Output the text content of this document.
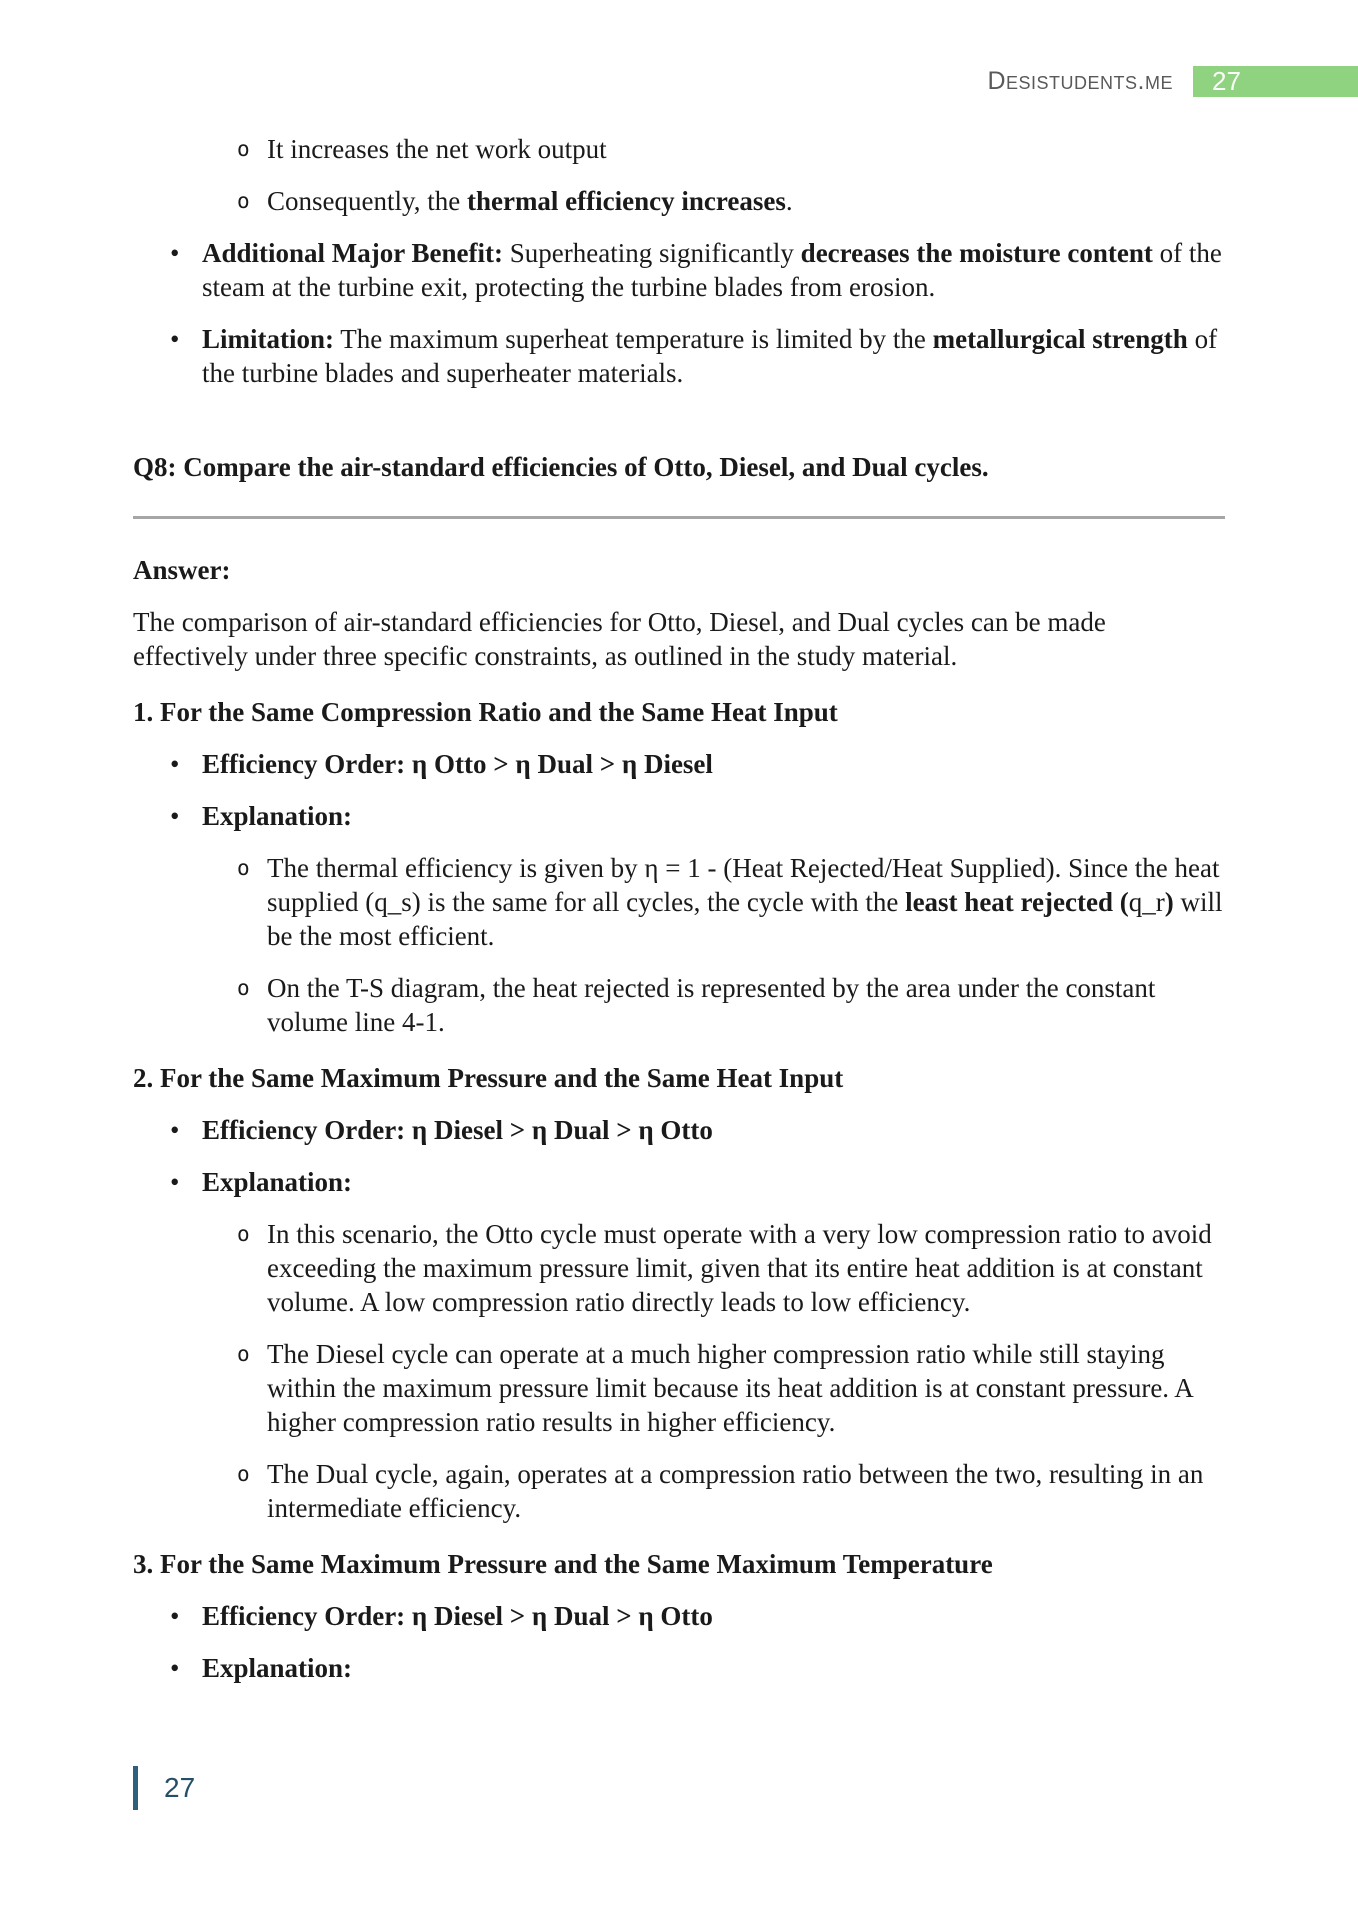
Desistudents.me	27
o It increases the net work output
o Consequently, the thermal efficiency increases.
• Additional Major Benefit: Superheating significantly decreases the moisture content of the steam at the turbine exit, protecting the turbine blades from erosion.
• Limitation: The maximum superheat temperature is limited by the metallurgical strength of the turbine blades and superheater materials.
Q8: Compare the air-standard efficiencies of Otto, Diesel, and Dual cycles.
Answer:
The comparison of air-standard efficiencies for Otto, Diesel, and Dual cycles can be made effectively under three specific constraints, as outlined in the study material.
1. For the Same Compression Ratio and the Same Heat Input
• Efficiency Order: η Otto > η Dual > η Diesel
• Explanation:
o The thermal efficiency is given by η = 1 - (Heat Rejected/Heat Supplied). Since the heat supplied (q_s) is the same for all cycles, the cycle with the least heat rejected (q_r) will be the most efficient.
o On the T-S diagram, the heat rejected is represented by the area under the constant volume line 4-1.
2. For the Same Maximum Pressure and the Same Heat Input
• Efficiency Order: η Diesel > η Dual > η Otto
• Explanation:
o In this scenario, the Otto cycle must operate with a very low compression ratio to avoid exceeding the maximum pressure limit, given that its entire heat addition is at constant volume. A low compression ratio directly leads to low efficiency.
o The Diesel cycle can operate at a much higher compression ratio while still staying within the maximum pressure limit because its heat addition is at constant pressure. A higher compression ratio results in higher efficiency.
o The Dual cycle, again, operates at a compression ratio between the two, resulting in an intermediate efficiency.
3. For the Same Maximum Pressure and the Same Maximum Temperature
• Efficiency Order: η Diesel > η Dual > η Otto
• Explanation:
27
